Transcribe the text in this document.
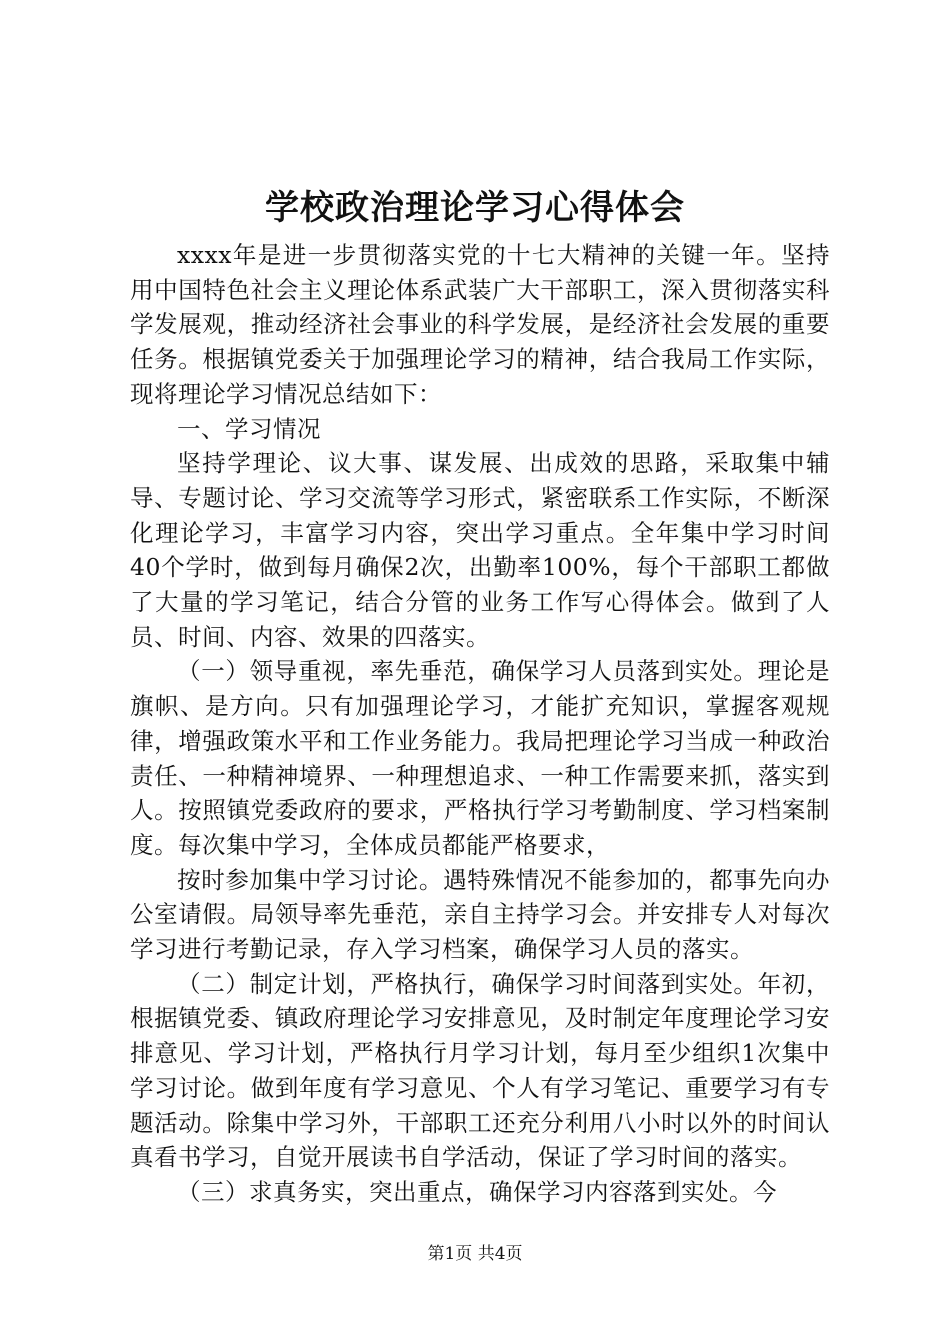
学校政治理论学习心得体会

xxxx年是进一步贯彻落实党的十七大精神的关键一年。坚持用中国特色社会主义理论体系武装广大干部职工，深入贯彻落实科学发展观，推动经济社会事业的科学发展，是经济社会发展的重要任务。根据镇党委关于加强理论学习的精神，结合我局工作实际，现将理论学习情况总结如下：

一、学习情况

坚持学理论、议大事、谋发展、出成效的思路，采取集中辅导、专题讨论、学习交流等学习形式，紧密联系工作实际，不断深化理论学习，丰富学习内容，突出学习重点。全年集中学习时间40个学时，做到每月确保2次，出勤率100%，每个干部职工都做了大量的学习笔记，结合分管的业务工作写心得体会。做到了人员、时间、内容、效果的四落实。

（一）领导重视，率先垂范，确保学习人员落到实处。理论是旗帜、是方向。只有加强理论学习，才能扩充知识，掌握客观规律，增强政策水平和工作业务能力。我局把理论学习当成一种政治责任、一种精神境界、一种理想追求、一种工作需要来抓，落实到人。按照镇党委政府的要求，严格执行学习考勤制度、学习档案制度。每次集中学习，全体成员都能严格要求，

按时参加集中学习讨论。遇特殊情况不能参加的，都事先向办公室请假。局领导率先垂范，亲自主持学习会。并安排专人对每次学习进行考勤记录，存入学习档案，确保学习人员的落实。

（二）制定计划，严格执行，确保学习时间落到实处。年初，根据镇党委、镇政府理论学习安排意见，及时制定年度理论学习安排意见、学习计划，严格执行月学习计划，每月至少组织1次集中学习讨论。做到年度有学习意见、个人有学习笔记、重要学习有专题活动。除集中学习外，干部职工还充分利用八小时以外的时间认真看书学习，自觉开展读书自学活动，保证了学习时间的落实。

（三）求真务实，突出重点，确保学习内容落到实处。今

第1页 共4页
